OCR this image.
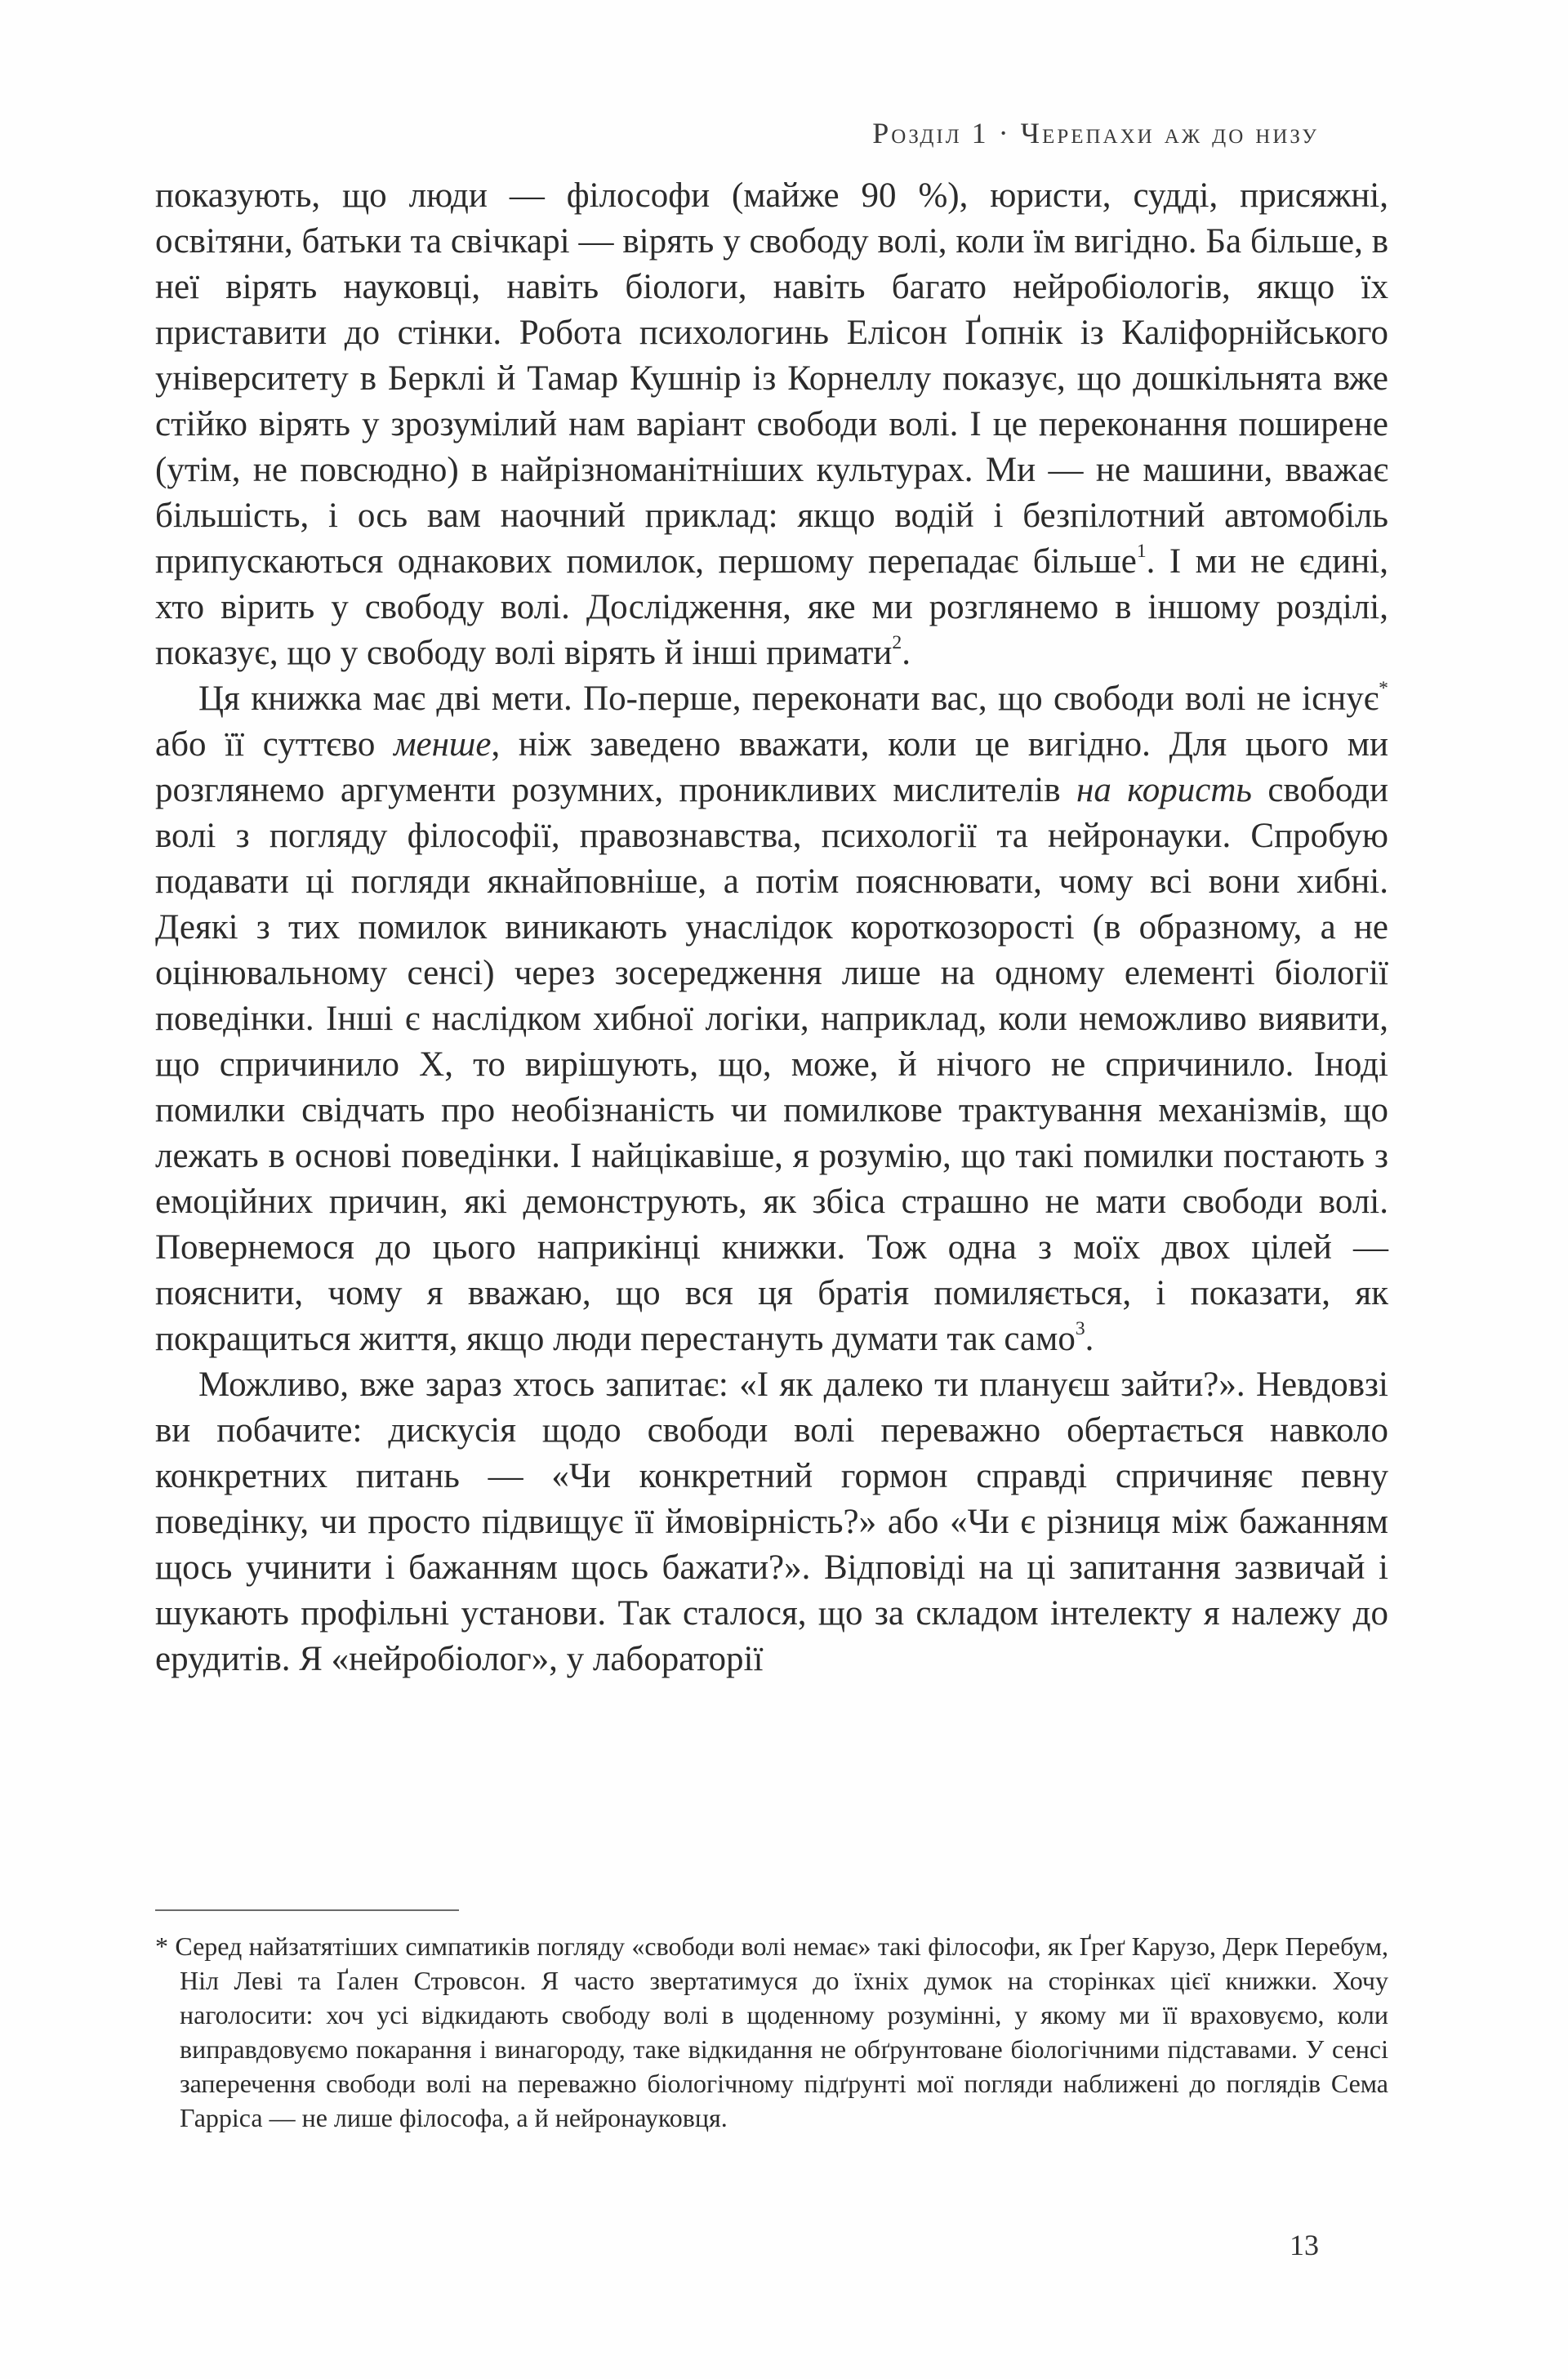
Розділ 1 · Черепахи аж до низу

показують, що люди — філософи (майже 90 %), юристи, судді, присяжні, освітяни, батьки та свічкарі — вірять у свободу волі, коли їм вигідно. Ба більше, в неї вірять науковці, навіть біологи, навіть багато нейробіологів, якщо їх приставити до стінки. Робота психологинь Елісон Ґопнік із Каліфорнійського університету в Берклі й Тамар Кушнір із Корнеллу показує, що дошкільнята вже стійко вірять у зрозумілий нам варіант свободи волі. І це переконання поширене (утім, не повсюдно) в найрізноманітніших культурах. Ми — не машини, вважає більшість, і ось вам наочний приклад: якщо водій і безпілотний автомобіль припускаються однакових помилок, першому перепадає більше$^1$. І ми не єдині, хто вірить у свободу волі. Дослідження, яке ми розглянемо в іншому розділі, показує, що у свободу волі вірять й інші примати$^2$.

Ця книжка має дві мети. По-перше, переконати вас, що свободи волі не існує* або її суттєво менше, ніж заведено вважати, коли це вигідно. Для цього ми розглянемо аргументи розумних, проникливих мислителів на користь свободи волі з погляду філософії, правознавства, психології та нейронауки. Спробую подавати ці погляди якнайповніше, а потім пояснювати, чому всі вони хибні. Деякі з тих помилок виникають унаслідок короткозорості (в образному, а не оцінювальному сенсі) через зосередження лише на одному елементі біології поведінки. Інші є наслідком хибної логіки, наприклад, коли неможливо виявити, що спричинило X, то вирішують, що, може, й нічого не спричинило. Іноді помилки свідчать про необізнаність чи помилкове трактування механізмів, що лежать в основі поведінки. І найцікавіше, я розумію, що такі помилки постають з емоційних причин, які демонструють, як збіса страшно не мати свободи волі. Повернемося до цього наприкінці книжки. Тож одна з моїх двох цілей — пояснити, чому я вважаю, що вся ця братія помиляється, і показати, як покращиться життя, якщо люди перестануть думати так само$^3$.

Можливо, вже зараз хтось запитає: «І як далеко ти плануєш зайти?». Невдовзі ви побачите: дискусія щодо свободи волі переважно обертається навколо конкретних питань — «Чи конкретний гормон справді спричиняє певну поведінку, чи просто підвищує її ймовірність?» або «Чи є різниця між бажанням щось учинити і бажанням щось бажати?». Відповіді на ці запитання зазвичай і шукають профільні установи. Так сталося, що за складом інтелекту я належу до ерудитів. Я «нейробіолог», у лабораторії

* Серед найзатятіших симпатиків погляду «свободи волі немає» такі філософи, як Ґреґ Карузо, Дерк Перебум, Ніл Леві та Ґален Стровсон. Я часто звертатимуся до їхніх думок на сторінках цієї книжки. Хочу наголосити: хоч усі відкидають свободу волі в щоденному розумінні, у якому ми її враховуємо, коли виправдовуємо покарання і винагороду, таке відкидання не обґрунтоване біологічними підставами. У сенсі заперечення свободи волі на переважно біологічному підґрунті мої погляди наближені до поглядів Сема Гарріса — не лише філософа, а й нейронауковця.

13
